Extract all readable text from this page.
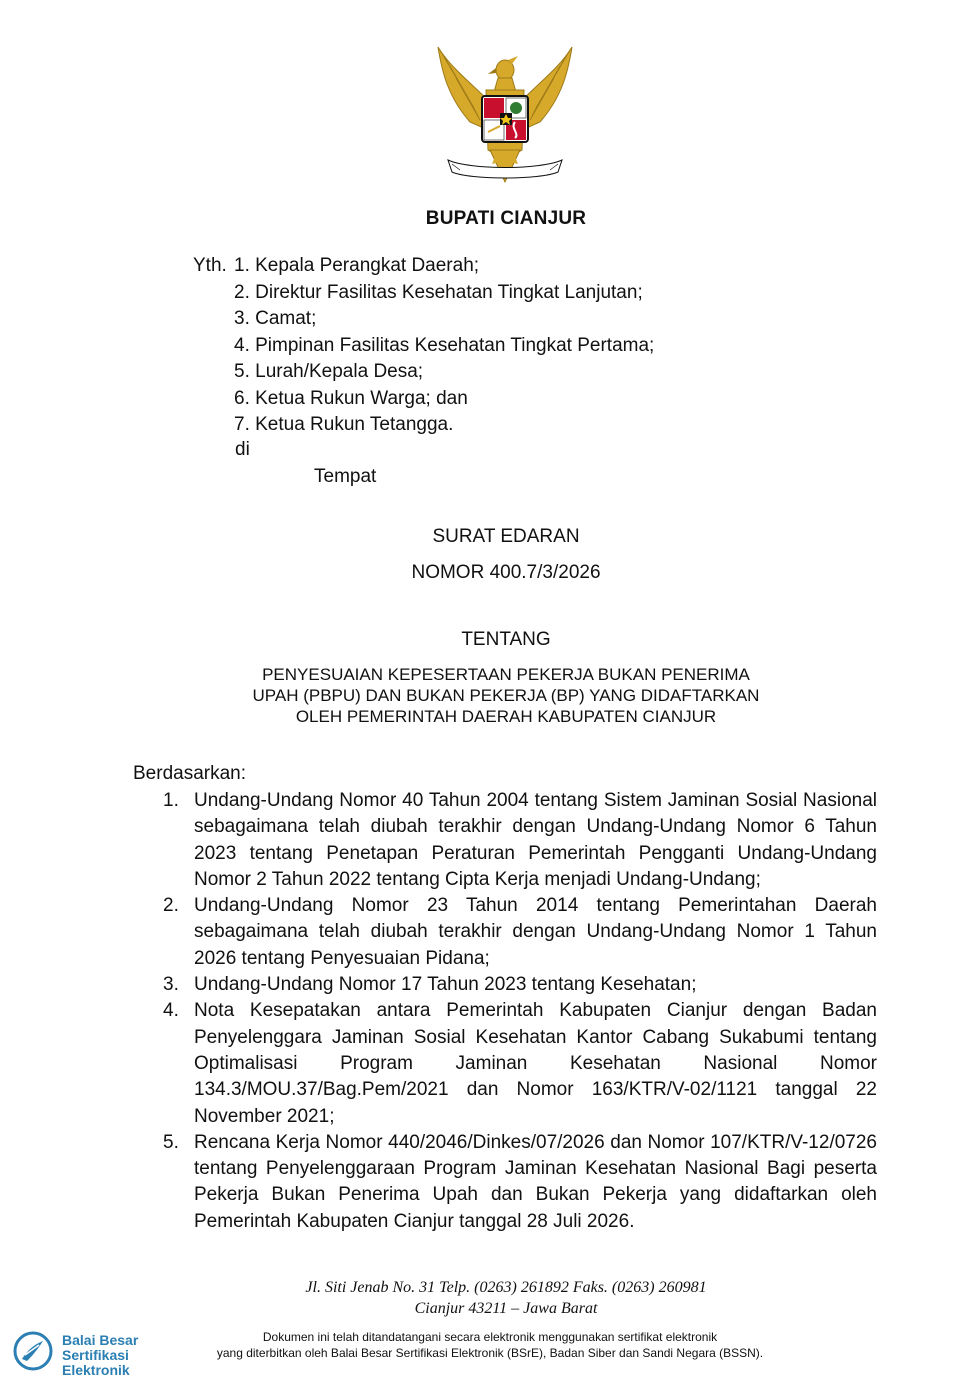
BUPATI CIANJUR
Yth. 1. Kepala Perangkat Daerah;
2. Direktur Fasilitas Kesehatan Tingkat Lanjutan;
3. Camat;
4. Pimpinan Fasilitas Kesehatan Tingkat Pertama;
5. Lurah/Kepala Desa;
6. Ketua Rukun Warga; dan
7. Ketua Rukun Tetangga.
di
Tempat
SURAT EDARAN
NOMOR 400.7/3/2026
TENTANG
PENYESUAIAN KEPESERTAAN PEKERJA BUKAN PENERIMA
UPAH (PBPU) DAN BUKAN PEKERJA (BP) YANG DIDAFTARKAN
OLEH PEMERINTAH DAERAH KABUPATEN CIANJUR
Berdasarkan:
1. Undang-Undang Nomor 40 Tahun 2004 tentang Sistem Jaminan Sosial Nasional sebagaimana telah diubah terakhir dengan Undang-Undang Nomor 6 Tahun 2023 tentang Penetapan Peraturan Pemerintah Pengganti Undang-Undang Nomor 2 Tahun 2022 tentang Cipta Kerja menjadi Undang-Undang;
2. Undang-Undang Nomor 23 Tahun 2014 tentang Pemerintahan Daerah sebagaimana telah diubah terakhir dengan Undang-Undang Nomor 1 Tahun 2026 tentang Penyesuaian Pidana;
3. Undang-Undang Nomor 17 Tahun 2023 tentang Kesehatan;
4. Nota Kesepatakan antara Pemerintah Kabupaten Cianjur dengan Badan Penyelenggara Jaminan Sosial Kesehatan Kantor Cabang Sukabumi tentang Optimalisasi Program Jaminan Kesehatan Nasional Nomor 134.3/MOU.37/Bag.Pem/2021 dan Nomor 163/KTR/V-02/1121 tanggal 22 November 2021;
5. Rencana Kerja Nomor 440/2046/Dinkes/07/2026 dan Nomor 107/KTR/V-12/0726 tentang Penyelenggaraan Program Jaminan Kesehatan Nasional Bagi peserta Pekerja Bukan Penerima Upah dan Bukan Pekerja yang didaftarkan oleh Pemerintah Kabupaten Cianjur tanggal 28 Juli 2026.
Jl. Siti Jenab No. 31 Telp. (0263) 261892 Faks. (0263) 260981
Cianjur 43211 – Jawa Barat
Balai Besar
Sertifikasi
Elektronik
Dokumen ini telah ditandatangani secara elektronik menggunakan sertifikat elektronik
yang diterbitkan oleh Balai Besar Sertifikasi Elektronik (BSrE), Badan Siber dan Sandi Negara (BSSN).
